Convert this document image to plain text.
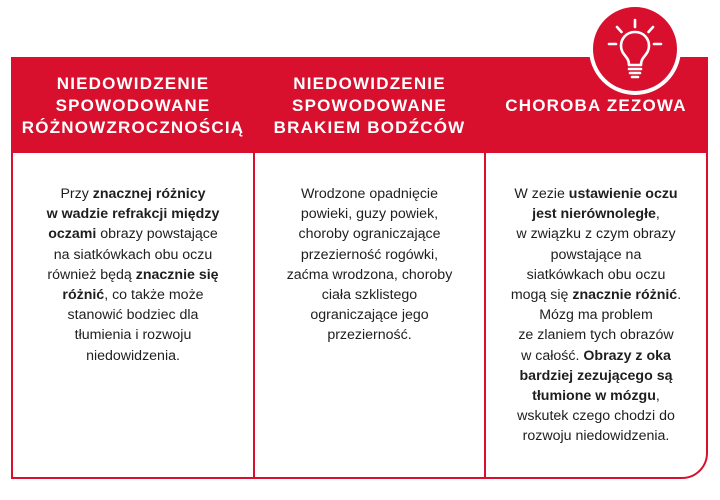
NIEDOWIDZENIE
SPOWODOWANE
RÓŻNOWZROCZNOŚCIĄ
Przy znacznej różnicy
w wadzie refrakcji między
oczami obrazy powstające
na siatkówkach obu oczu
również będą znacznie się
różnić, co także może
stanowić bodziec dla
tłumienia i rozwoju
niedowidzenia.
NIEDOWIDZENIE
SPOWODOWANE
BRAKIEM BODŹCÓW
Wrodzone opadnięcie
powieki, guzy powiek,
choroby ograniczające
przezierność rogówki,
zaćma wrodzona, choroby
ciała szklistego
ograniczające jego
przezierność.
CHOROBA ZEZOWA
W zezie ustawienie oczu
jest nierównoległe,
w związku z czym obrazy
powstające na
siatkówkach obu oczu
mogą się znacznie różnić.
Mózg ma problem
ze zlaniem tych obrazów
w całość. Obrazy z oka
bardziej zezującego są
tłumione w mózgu,
wskutek czego chodzi do
rozwoju niedowidzenia.
